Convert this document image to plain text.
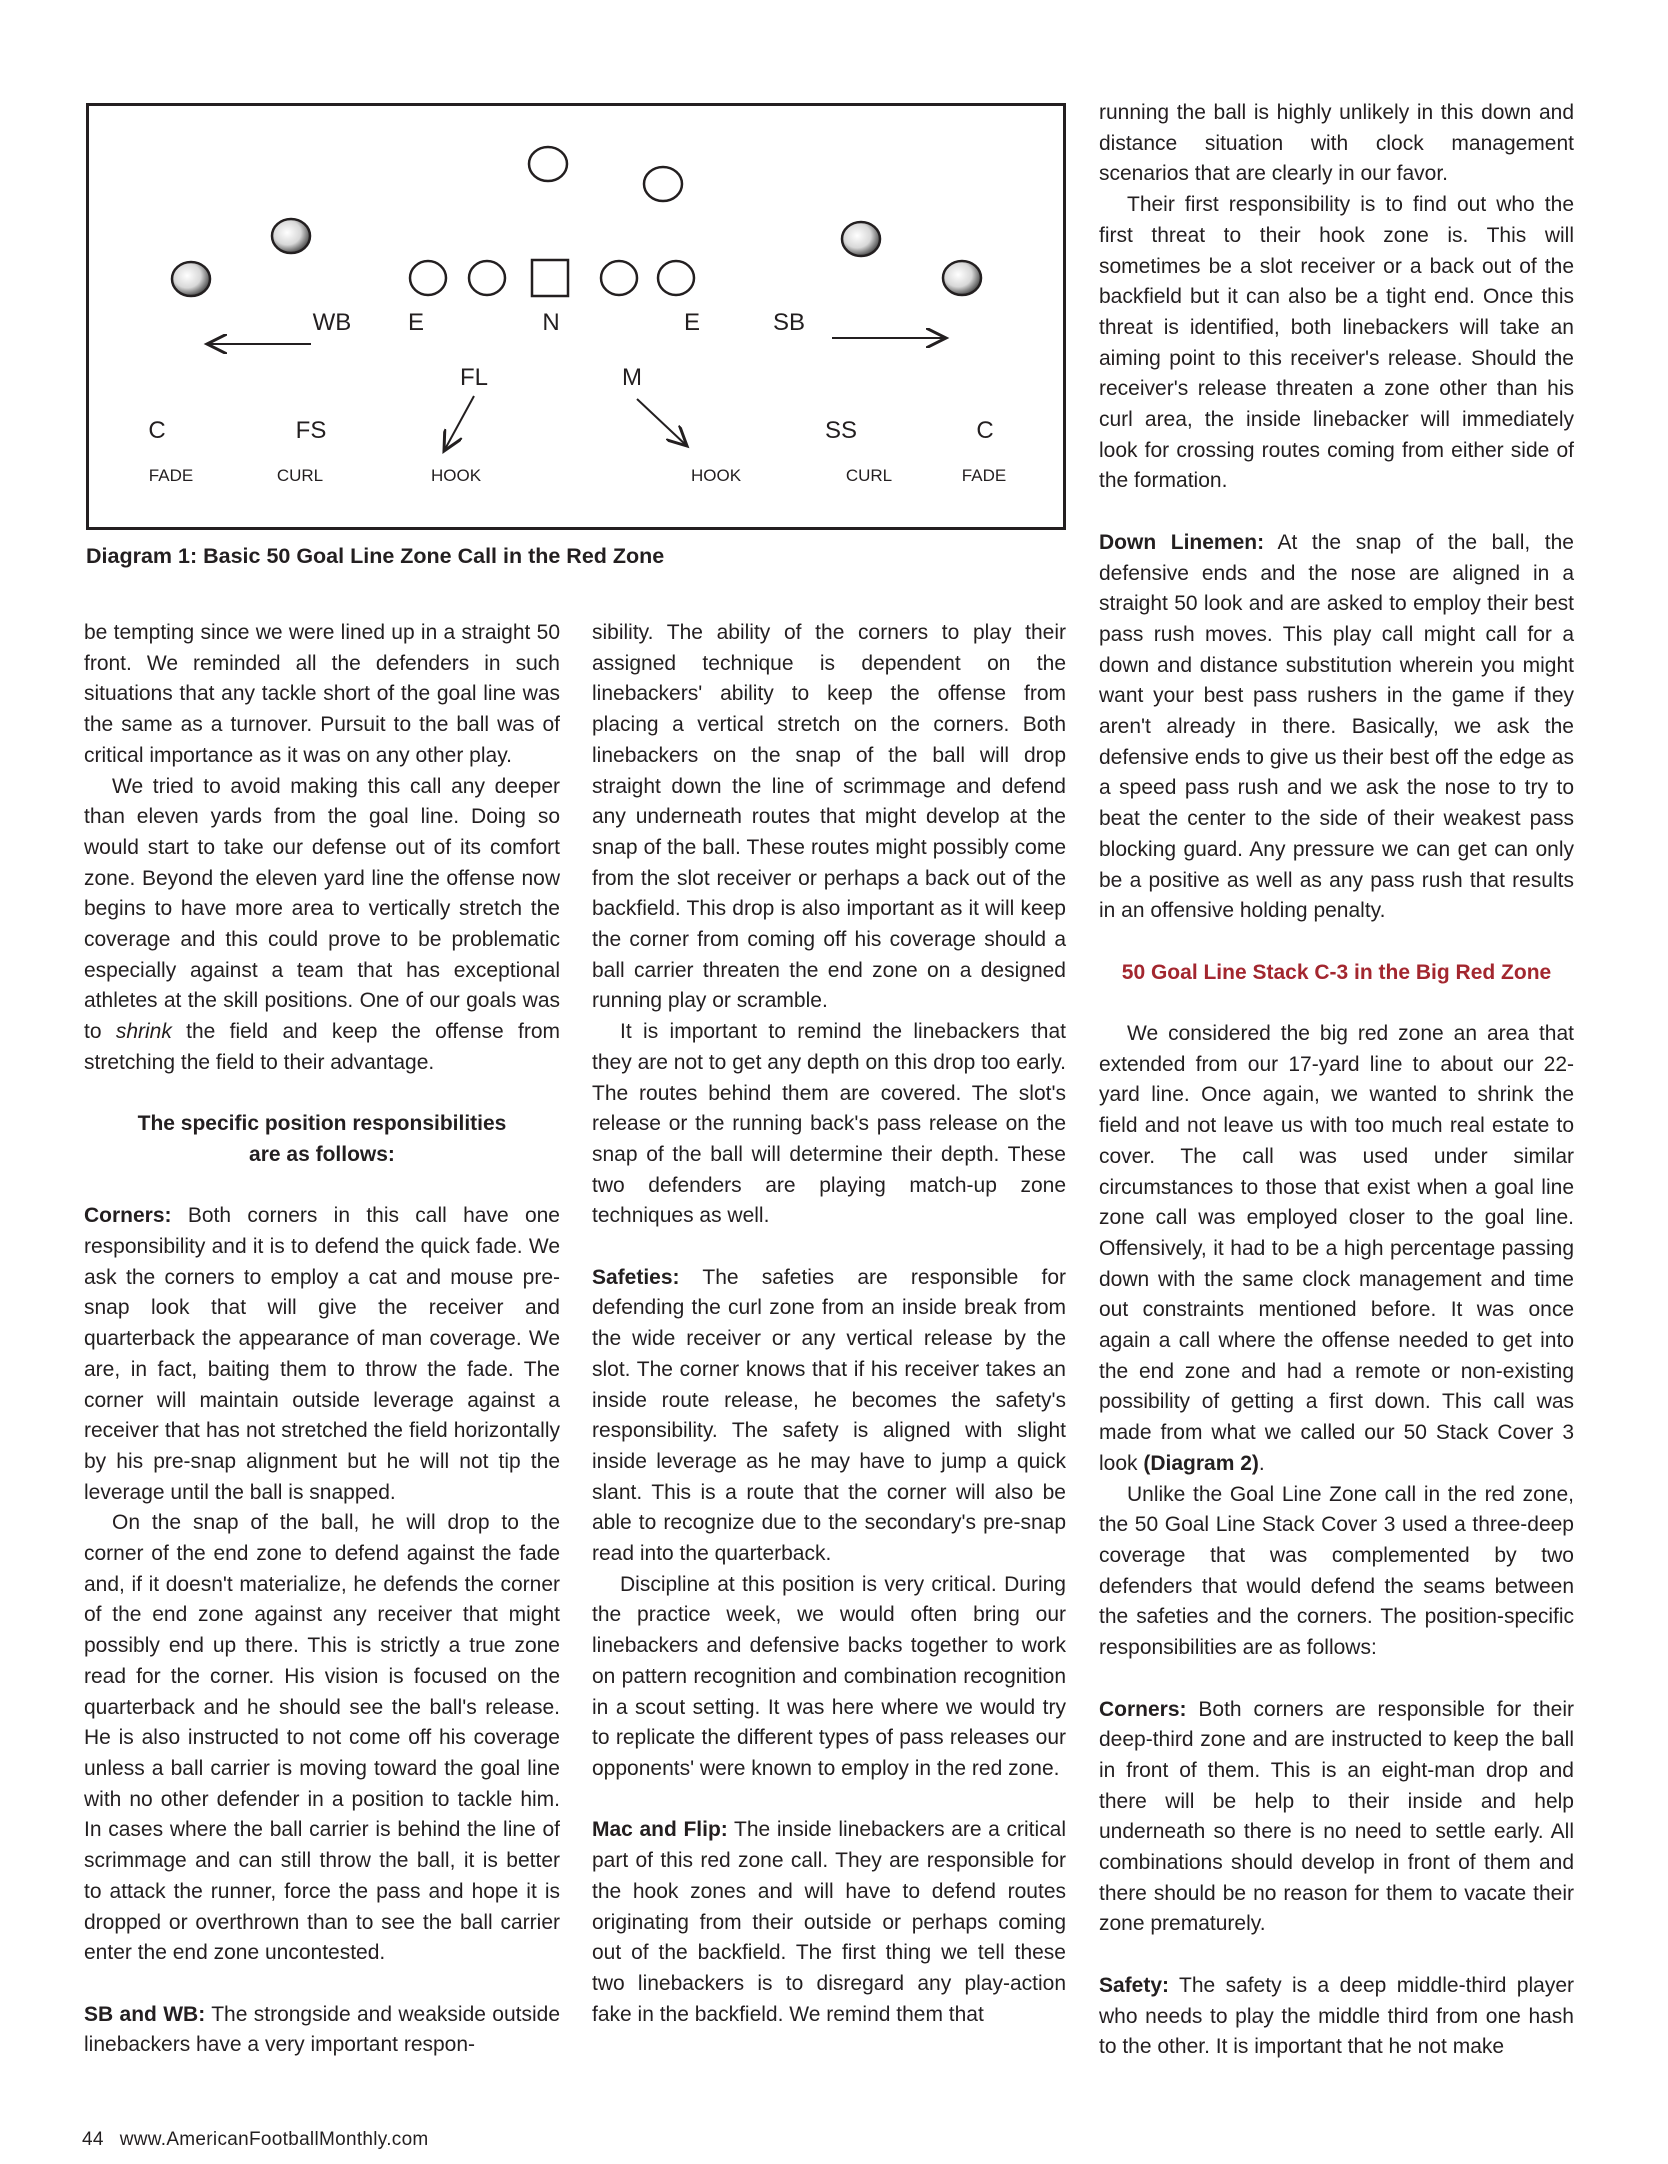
WB E	N	E	SB
FL	M
C	FS	SS	C
FADE	CURL	HOOK	HOOK	CURL	FADE
Diagram 1: Basic 50 Goal Line Zone Call in the Red Zone

be tempting since we were lined up in a straight 50 front. We reminded all the defenders in such situations that any tackle short of the goal line was the same as a turnover. Pursuit to the ball was of critical importance as it was on any other play.

We tried to avoid making this call any deeper than eleven yards from the goal line. Doing so would start to take our defense out of its comfort zone. Beyond the eleven yard line the offense now begins to have more area to vertically stretch the coverage and this could prove to be problematic especially against a team that has exceptional athletes at the skill positions. One of our goals was to shrink the field and keep the offense from stretching the field to their advantage.

The specific position responsibilities
are as follows:

Corners: Both corners in this call have one responsibility and it is to defend the quick fade. We ask the corners to employ a cat and mouse pre-snap look that will give the receiver and quarterback the appearance of man coverage. We are, in fact, baiting them to throw the fade. The corner will maintain outside leverage against a receiver that has not stretched the field horizontally by his pre-snap alignment but he will not tip the leverage until the ball is snapped.

On the snap of the ball, he will drop to the corner of the end zone to defend against the fade and, if it doesn't materialize, he defends the corner of the end zone against any receiver that might possibly end up there. This is strictly a true zone read for the corner. His vision is focused on the quarterback and he should see the ball's release. He is also instructed to not come off his coverage unless a ball carrier is moving toward the goal line with no other defender in a position to tackle him. In cases where the ball carrier is behind the line of scrimmage and can still throw the ball, it is better to attack the runner, force the pass and hope it is dropped or overthrown than to see the ball carrier enter the end zone uncontested.

SB and WB: The strongside and weakside outside linebackers have a very important respon-

sibility. The ability of the corners to play their assigned technique is dependent on the linebackers' ability to keep the offense from placing a vertical stretch on the corners. Both linebackers on the snap of the ball will drop straight down the line of scrimmage and defend any underneath routes that might develop at the snap of the ball. These routes might possibly come from the slot receiver or perhaps a back out of the backfield. This drop is also important as it will keep the corner from coming off his coverage should a ball carrier threaten the end zone on a designed running play or scramble.

It is important to remind the linebackers that they are not to get any depth on this drop too early. The routes behind them are covered. The slot's release or the running back's pass release on the snap of the ball will determine their depth. These two defenders are playing match-up zone techniques as well.

Safeties: The safeties are responsible for defending the curl zone from an inside break from the wide receiver or any vertical release by the slot. The corner knows that if his receiver takes an inside route release, he becomes the safety's responsibility. The safety is aligned with slight inside leverage as he may have to jump a quick slant. This is a route that the corner will also be able to recognize due to the secondary's pre-snap read into the quarterback.

Discipline at this position is very critical. During the practice week, we would often bring our linebackers and defensive backs together to work on pattern recognition and combination recognition in a scout setting. It was here where we would try to replicate the different types of pass releases our opponents' were known to employ in the red zone.

Mac and Flip: The inside linebackers are a critical part of this red zone call. They are responsible for the hook zones and will have to defend routes originating from their outside or perhaps coming out of the backfield. The first thing we tell these two linebackers is to disregard any play-action fake in the backfield. We remind them that

running the ball is highly unlikely in this down and distance situation with clock management scenarios that are clearly in our favor.

Their first responsibility is to find out who the first threat to their hook zone is. This will sometimes be a slot receiver or a back out of the backfield but it can also be a tight end. Once this threat is identified, both linebackers will take an aiming point to this receiver's release. Should the receiver's release threaten a zone other than his curl area, the inside linebacker will immediately look for crossing routes coming from either side of the formation.

Down Linemen: At the snap of the ball, the defensive ends and the nose are aligned in a straight 50 look and are asked to employ their best pass rush moves. This play call might call for a down and distance substitution wherein you might want your best pass rushers in the game if they aren't already in there. Basically, we ask the defensive ends to give us their best off the edge as a speed pass rush and we ask the nose to try to beat the center to the side of their weakest pass blocking guard. Any pressure we can get can only be a positive as well as any pass rush that results in an offensive holding penalty.

50 Goal Line Stack C-3 in the Big Red Zone

We considered the big red zone an area that extended from our 17-yard line to about our 22- yard line. Once again, we wanted to shrink the field and not leave us with too much real estate to cover. The call was used under similar circumstances to those that exist when a goal line zone call was employed closer to the goal line. Offensively, it had to be a high percentage passing down with the same clock management and time out constraints mentioned before. It was once again a call where the offense needed to get into the end zone and had a remote or non-existing possibility of getting a first down. This call was made from what we called our 50 Stack Cover 3 look (Diagram 2).

Unlike the Goal Line Zone call in the red zone, the 50 Goal Line Stack Cover 3 used a three-deep coverage that was complemented by two defenders that would defend the seams between the safeties and the corners. The position-specific responsibilities are as follows:

Corners: Both corners are responsible for their deep-third zone and are instructed to keep the ball in front of them. This is an eight-man drop and there will be help to their inside and help underneath so there is no need to settle early. All combinations should develop in front of them and there should be no reason for them to vacate their zone prematurely.

Safety: The safety is a deep middle-third player who needs to play the middle third from one hash to the other. It is important that he not make

44 www.AmericanFootballMonthly.com
